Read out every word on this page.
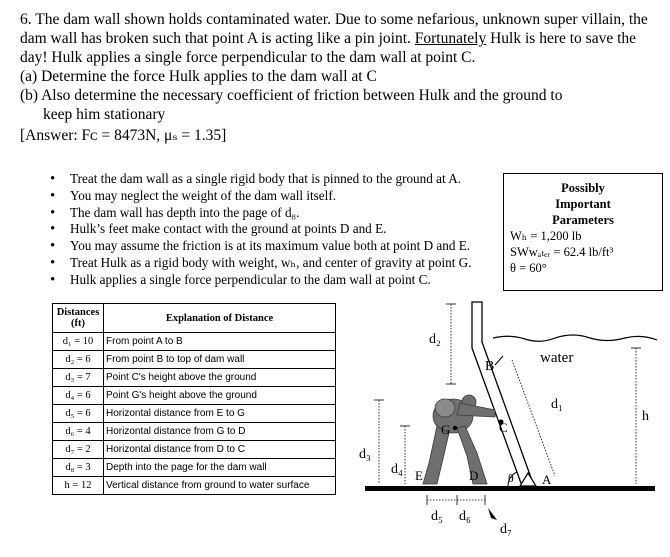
6. The dam wall shown holds contaminated water. Due to some nefarious, unknown super villain, the dam wall has broken such that point A is acting like a pin joint. Fortunately Hulk is here to save the day! Hulk applies a single force perpendicular to the dam wall at point C.

(a) Determine the force Hulk applies to the dam wall at C

(b) Also determine the necessary coefficient of friction between Hulk and the ground to

keep him stationary

[Answer: Fᴄ = 8473N, μₛ = 1.35]

• Treat the dam wall as a single rigid body that is pinned to the ground at A.
• You may neglect the weight of the dam wall itself.
• The dam wall has depth into the page of d₈.
• Hulk’s feet make contact with the ground at points D and E.
• You may assume the friction is at its maximum value both at point D and E.
• Treat Hulk as a rigid body with weight, wₕ, and center of gravity at point G.
• Hulk applies a single force perpendicular to the dam wall at point C.
Possibly
Important
Parameters
Wₕ = 1,200 lb
SWᴡₐₜₑᵣ = 62.4 lb/ft³
θ = 60°
Distances (ft)	Explanation of Distance
d₁ = 10	From point A to B
d₂ = 6	From point B to top of dam wall
d₃ = 7	Point C's height above the ground
d₄ = 6	Point G's height above the ground
d₅ = 6	Horizontal distance from E to G
d₆ = 4	Horizontal distance from G to D
d₇ = 2	Horizontal distance from D to C
d₈ = 3	Depth into the page for the dam wall
h = 12	Vertical distance from ground to water surface
θ
B
C
G
E	D	A
water
d₂
d₁
h
d₃
d₄
d₅ d₆
d₇
